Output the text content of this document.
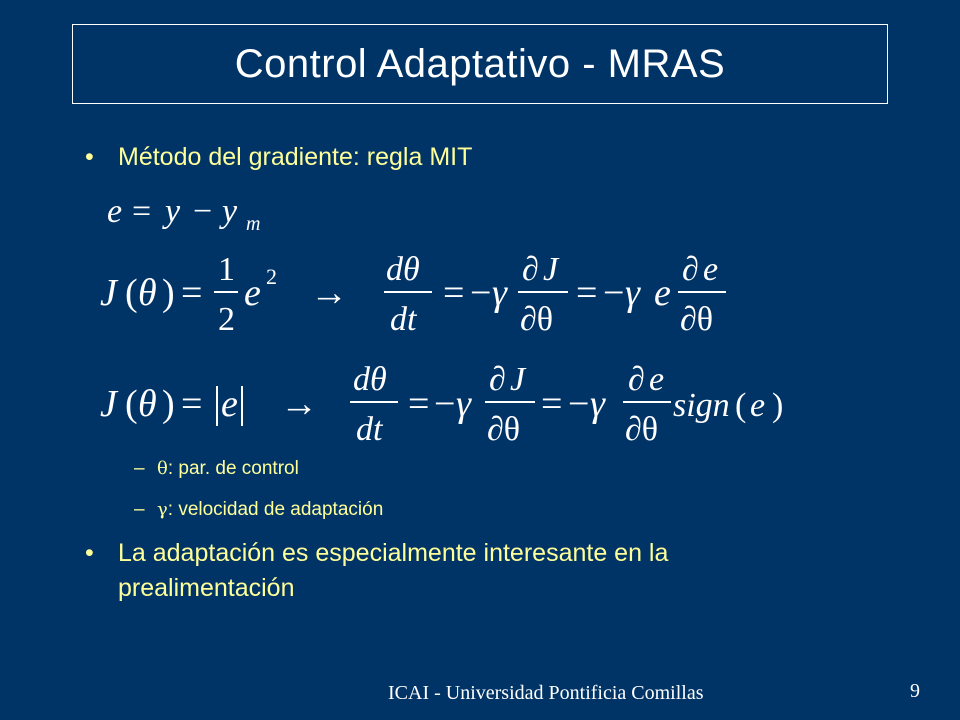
Control Adaptativo - MRAS
• Método del gradiente: regla MIT
e = y − y m
J ( θ ) =
1
2
e 2 →
dθ
dt
= − γ
∂ J
∂θ
= − γ e
∂ e
∂θ
J ( θ ) = e →
dθ
dt
= − γ
∂ J
∂θ
= − γ
∂ e
∂θ
sign ( e )
– θ: par. de control
– γ: velocidad de adaptación
• La adaptación es especialmente interesante en la
prealimentación
ICAI - Universidad Pontificia Comillas	9
